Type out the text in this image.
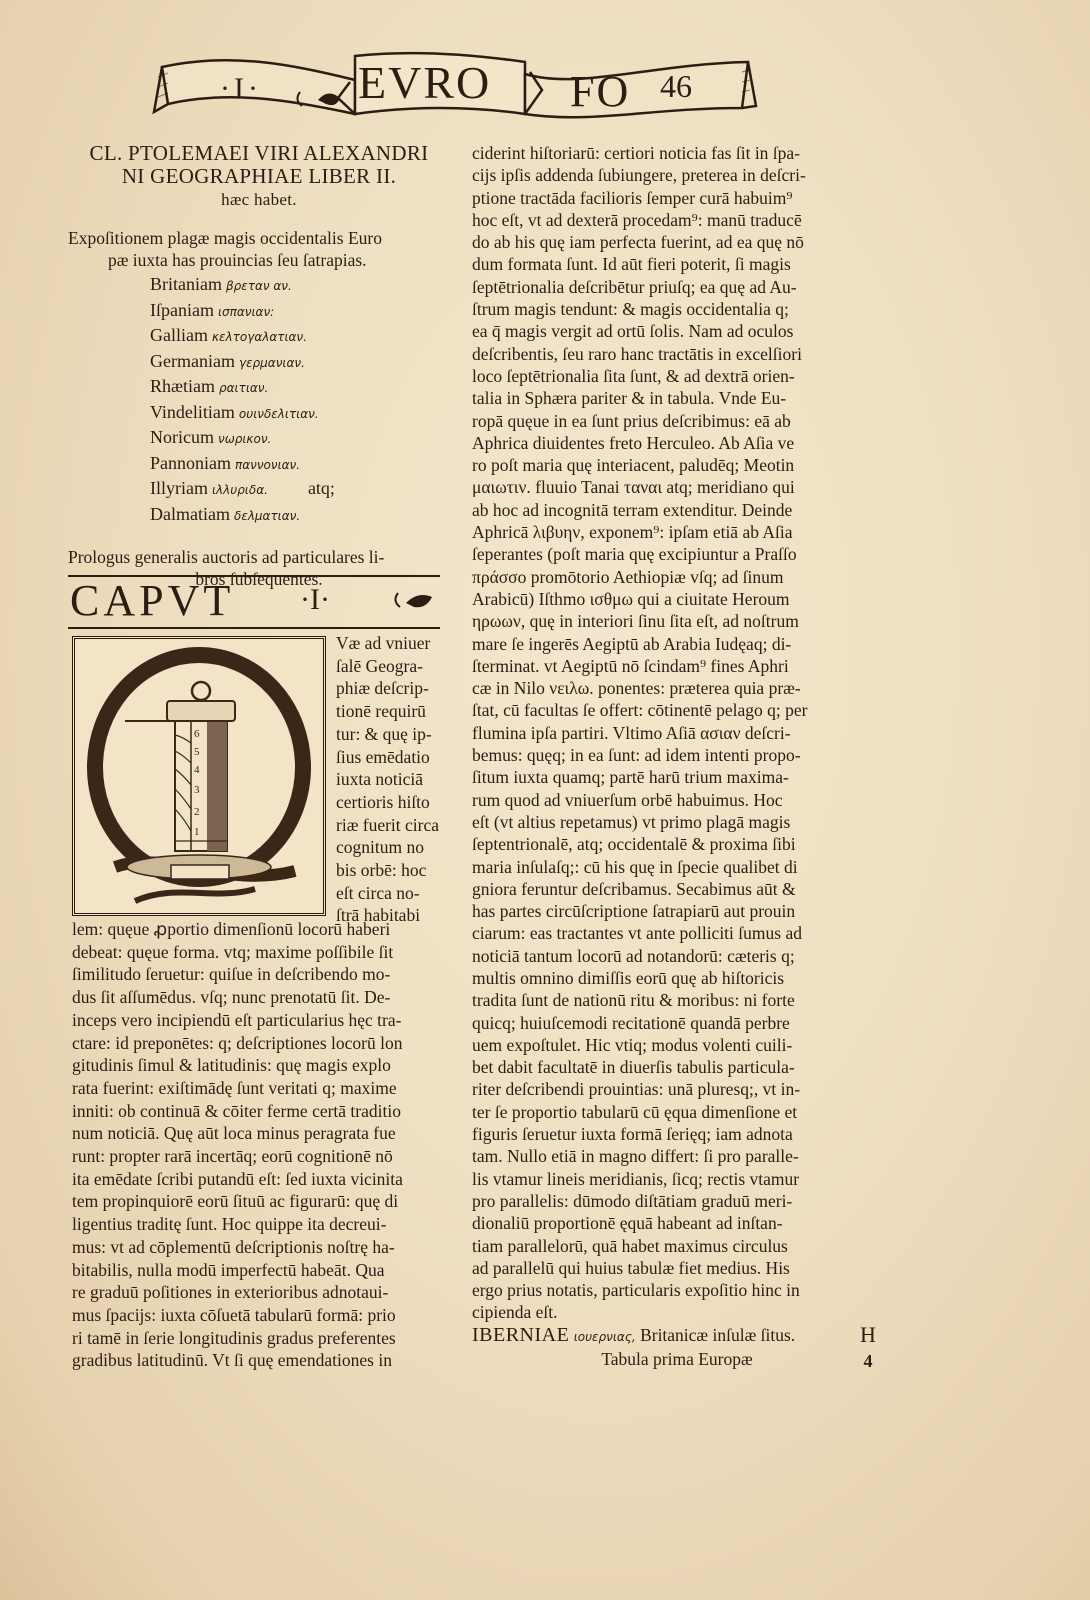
·I· EVRO FO 46
CL. PTOLEMAEI VIRI ALEXANDRI
NI GEOGRAPHIAE LIBER II.
hæc habet.
Expoſitionem plagæ magis occidentalis Euro
pæ iuxta has prouincias ſeu ſatrapias.
Britaniam βρεταν αν.
Iſpaniam ισπανιαν:
Galliam κελτογαλατιαν.
Germaniam γερμανιαν.
Rhætiam ραιτιαν.
Vindelitiam ουινδελιτιαν.
Noricum νωρικον.
Pannoniam παννονιαν.
Illyriam ιλλυριδα. atq;
Dalmatiam δελματιαν.
Prologus generalis auctoris ad particulares li-
bros ſubſequentes.
CAPVT ·I·
6
5
4
3
2
1
Væ ad vniuer
ſalē Geogra-
phiæ deſcrip-
tionē requirū
tur: & quę ip-
ſius emēdatio
iuxta noticiā
certioris hiſto
riæ fuerit circa
cognitum no
bis orbē: hoc
eſt circa no-
ſtrā habitabi
lem: quęue ꝓportio dimenſionū locorū haberi
debeat: quęue forma. vtq; maxime poſſibile ſit
ſimilitudo ſeruetur: quiſue in deſcribendo mo-
dus ſit aſſumēdus. vſq; nunc prenotatū ſit. De-
inceps vero incipiendū eſt particularius hęc tra-
ctare: id preponētes: q; deſcriptiones locorū lon
gitudinis ſimul & latitudinis: quę magis explo
rata fuerint: exiſtimādę ſunt veritati q; maxime
inniti: ob continuā & cōiter ferme certā traditio
num noticiā. Quę aūt loca minus peragrata fue
runt: propter rarā incertāq; eorū cognitionē nō
ita emēdate ſcribi putandū eſt: ſed iuxta vicinita
tem propinquiorē eorū ſituū ac figurarū: quę di
ligentius traditę ſunt. Hoc quippe ita decreui-
mus: vt ad cōplementū deſcriptionis noſtrę ha-
bitabilis, nulla modū imperfectū habeāt. Qua
re graduū poſitiones in exterioribus adnotaui-
mus ſpacijs: iuxta cōſuetā tabularū formā: prio
ri tamē in ſerie longitudinis gradus preferentes
gradibus latitudinū. Vt ſi quę emendationes in
ciderint hiſtoriarū: certiori noticia fas ſit in ſpa-
cijs ipſis addenda ſubiungere, preterea in deſcri-
ptione tractāda facilioris ſemper curā habuim⁹
hoc eſt, vt ad dexterā procedam⁹: manū traducē
do ab his quę iam perfecta fuerint, ad ea quę nō
dum formata ſunt. Id aūt fieri poterit, ſi magis
ſeptētrionalia deſcribētur priuſq; ea quę ad Au-
ſtrum magis tendunt: & magis occidentalia q;
ea q̄ magis vergit ad ortū ſolis. Nam ad oculos
deſcribentis, ſeu raro hanc tractātis in excelſiori
loco ſeptētrionalia ſita ſunt, & ad dextrā orien-
talia in Sphæra pariter & in tabula. Vnde Eu-
ropā quęue in ea ſunt prius deſcribimus: eā ab
Aphrica diuidentes freto Herculeo. Ab Aſia ve
ro poſt maria quę interiacent, paludēq; Meotin
μαιωτιν. fluuio Tanai ταναι atq; meridiano qui
ab hoc ad incognitā terram extenditur. Deinde
Aphricā λιβυην, exponem⁹: ipſam etiā ab Aſia
ſeperantes (poſt maria quę excipiuntur a Praſſo
πράσσο promōtorio Aethiopiæ vſq; ad ſinum
Arabicū) Iſthmo ισθμω qui a ciuitate Heroum
ηρωων, quę in interiori ſinu ſita eſt, ad noſtrum
mare ſe ingerēs Aegiptū ab Arabia Iudęaq; di-
ſterminat. vt Aegiptū nō ſcindam⁹ fines Aphri
cæ in Nilo νειλω. ponentes: præterea quia præ-
ſtat, cū facultas ſe offert: cōtinentē pelago q; per
flumina ipſa partiri. Vltimo Aſiā ασιαν deſcri-
bemus: quęq; in ea ſunt: ad idem intenti propo-
ſitum iuxta quamq; partē harū trium maxima-
rum quod ad vniuerſum orbē habuimus. Hoc
eſt (vt altius repetamus) vt primo plagā magis
ſeptentrionalē, atq; occidentalē & proxima ſibi
maria inſulaſq;: cū his quę in ſpecie qualibet di
gniora feruntur deſcribamus. Secabimus aūt &
has partes circūſcriptione ſatrapiarū aut prouin
ciarum: eas tractantes vt ante polliciti ſumus ad
noticiā tantum locorū ad notandorū: cæteris q;
multis omnino dimiſſis eorū quę ab hiſtoricis
tradita ſunt de nationū ritu & moribus: ni forte
quicq; huiuſcemodi recitationē quandā perbre
uem expoſtulet. Hic vtiq; modus volenti cuili-
bet dabit facultatē in diuerſis tabulis particula-
riter deſcribendi prouintias: unā pluresq;, vt in-
ter ſe proportio tabularū cū ęqua dimenſione et
figuris ſeruetur iuxta formā ſerięq; iam adnota
tam. Nullo etiā in magno differt: ſi pro paralle-
lis vtamur lineis meridianis, ſicq; rectis vtamur
pro parallelis: dūmodo diſtātiam graduū meri-
dionaliū proportionē ęquā habeant ad inſtan-
tiam parallelorū, quā habet maximus circulus
ad parallelū qui huius tabulæ fiet medius. His
ergo prius notatis, particularis expoſitio hinc in
cipienda eſt.
IBERNIAE ιουερνιας, Britanicæ inſulæ ſitus.
Tabula prima Europæ
H
4
